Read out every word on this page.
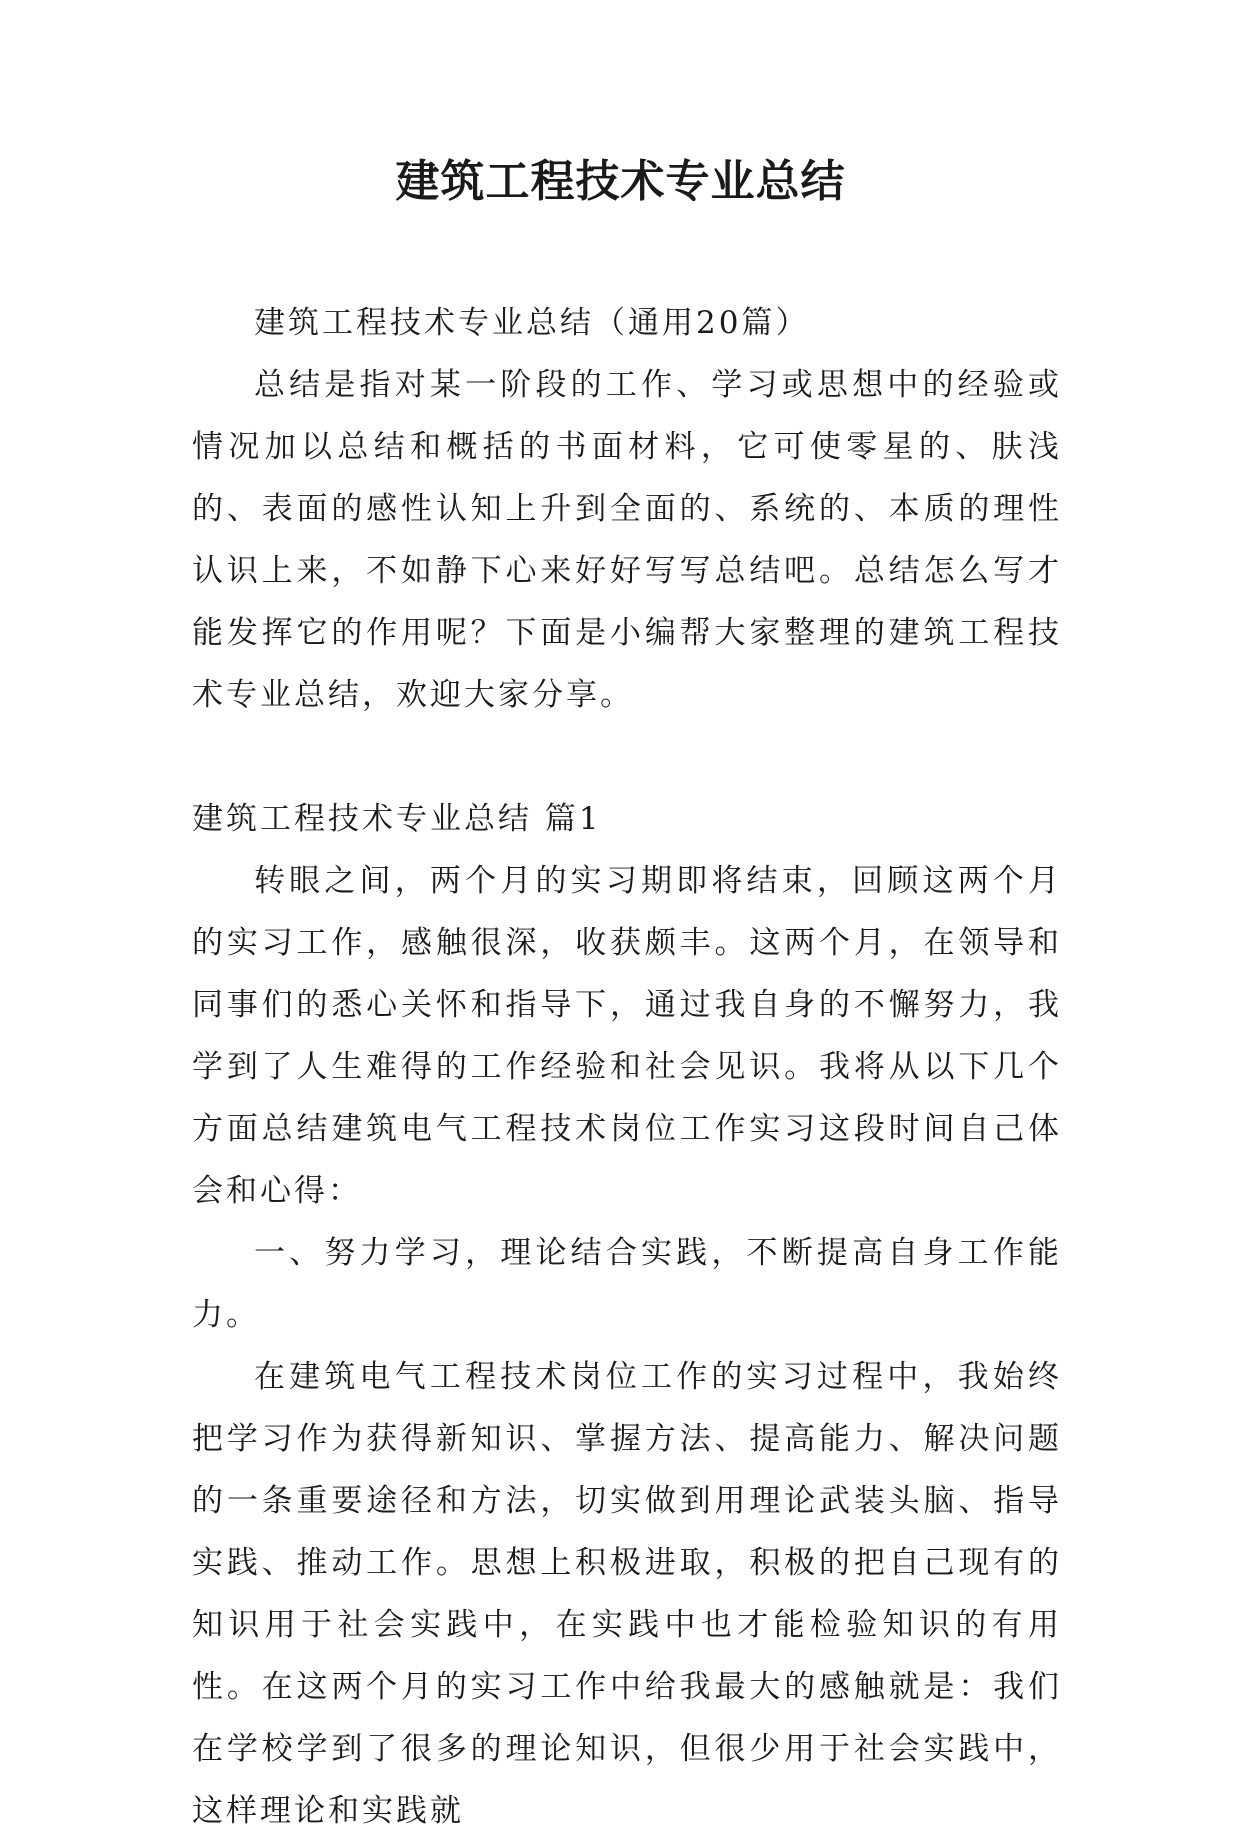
建筑工程技术专业总结

建筑工程技术专业总结（通用20篇）

总结是指对某一阶段的工作、学习或思想中的经验或情况加以总结和概括的书面材料，它可使零星的、肤浅的、表面的感性认知上升到全面的、系统的、本质的理性认识上来，不如静下心来好好写写总结吧。总结怎么写才能发挥它的作用呢？下面是小编帮大家整理的建筑工程技术专业总结，欢迎大家分享。

建筑工程技术专业总结 篇1

转眼之间，两个月的实习期即将结束，回顾这两个月的实习工作，感触很深，收获颇丰。这两个月，在领导和同事们的悉心关怀和指导下，通过我自身的不懈努力，我学到了人生难得的工作经验和社会见识。我将从以下几个方面总结建筑电气工程技术岗位工作实习这段时间自己体会和心得：

一、努力学习，理论结合实践，不断提高自身工作能力。

在建筑电气工程技术岗位工作的实习过程中，我始终把学习作为获得新知识、掌握方法、提高能力、解决问题的一条重要途径和方法，切实做到用理论武装头脑、指导实践、推动工作。思想上积极进取，积极的把自己现有的知识用于社会实践中，在实践中也才能检验知识的有用性。在这两个月的实习工作中给我最大的感触就是：我们在学校学到了很多的理论知识，但很少用于社会实践中，这样理论和实践就
